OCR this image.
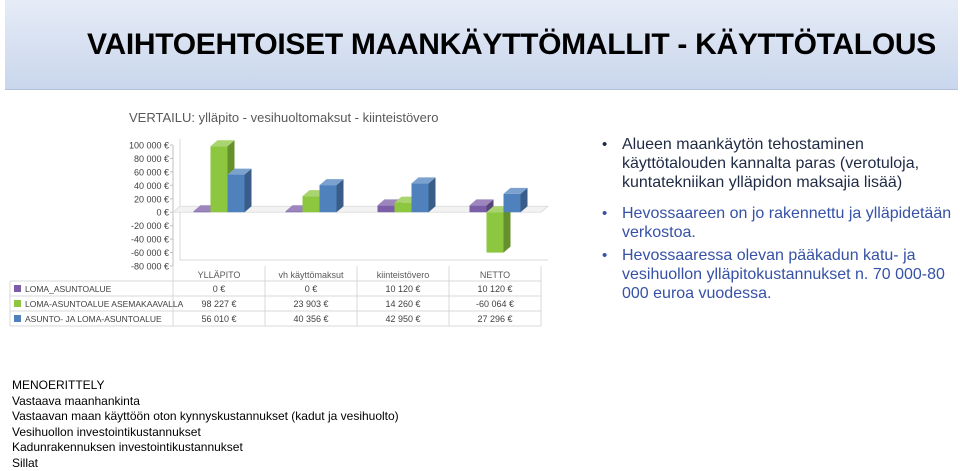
VAIHTOEHTOISET MAANKÄYTTÖMALLIT - KÄYTTÖTALOUS
VERTAILU: ylläpito - vesihuoltomaksut - kiinteistövero
100 000 €
80 000 €
60 000 €
40 000 €
20 000 €
0 €
-20 000 €
-40 000 €
-60 000 €
-80 000 €
YLLÄPITO	vh käyttömaksut	kiinteistövero	NETTO
LOMA_ASUNTOALUE	0 €	0 €	10 120 €	10 120 €
LOMA-ASUNTOALUE ASEMAKAAVALLA 98 227 €	23 903 €	14 260 €	-60 064 €
ASUNTO- JA LOMA-ASUNTOALUE	56 010 €	40 356 €	42 950 €	27 296 €
• Alueen maankäytön tehostaminen käyttötalouden kannalta paras (verotuloja, kuntatekniikan ylläpidon maksajia lisää)
• Hevossaareen on jo rakennettu ja ylläpidetään verkostoa.
• Hevossaaressa olevan pääkadun katu- ja vesihuollon ylläpitokustannukset n. 70 000-80 000 euroa vuodessa.
MENOERITTELY
Vastaava maanhankinta
Vastaavan maan käyttöön oton kynnyskustannukset (kadut ja vesihuolto)
Vesihuollon investointikustannukset
Kadunrakennuksen investointikustannukset
Sillat
